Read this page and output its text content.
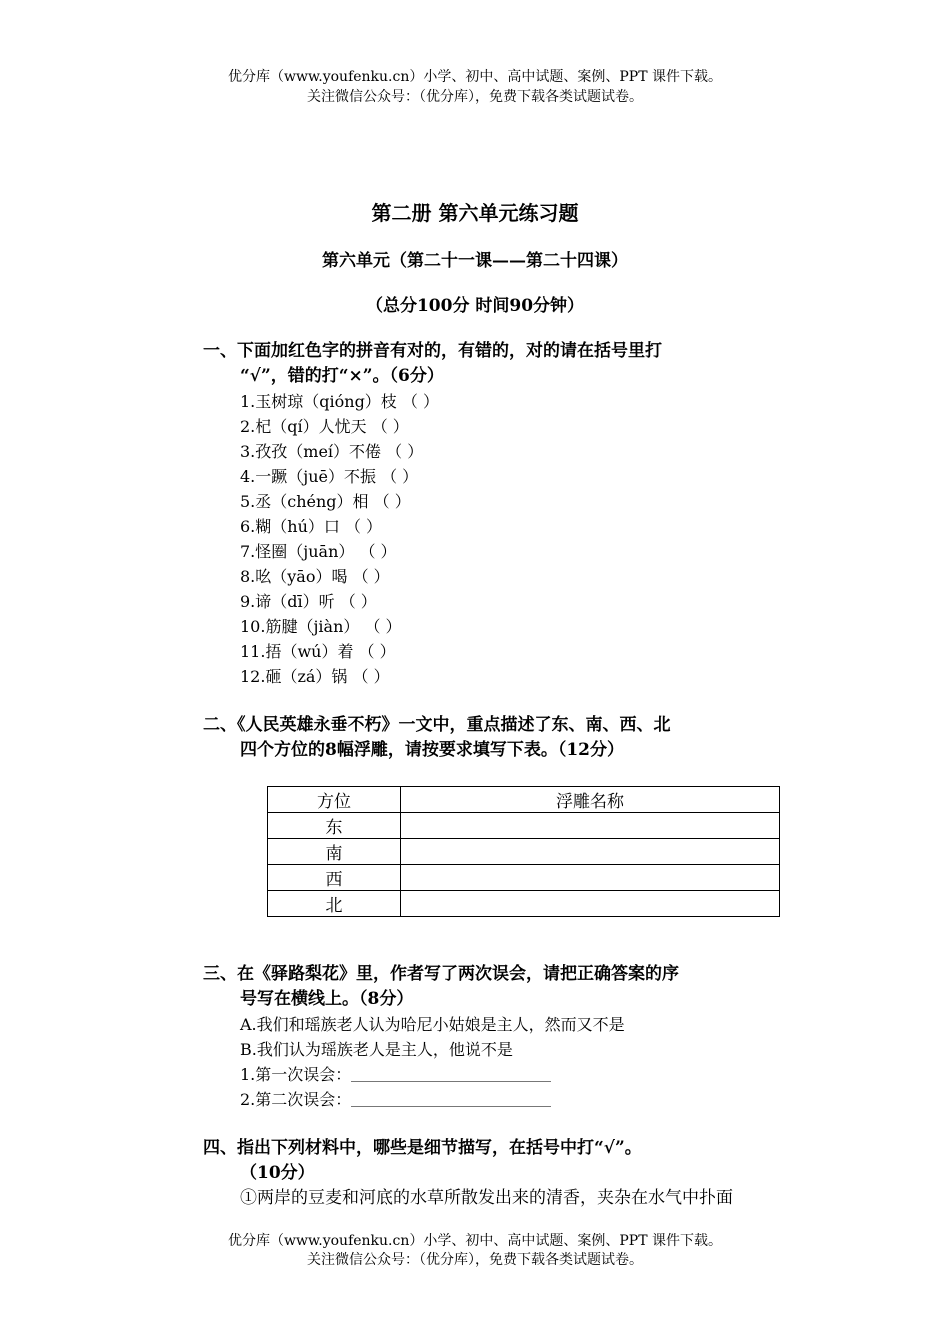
优分库（www.youfenku.cn）小学、初中、高中试题、案例、PPT 课件下载。
关注微信公众号：（优分库），免费下载各类试题试卷。
第二册 第六单元练习题
第六单元（第二十一课——第二十四课）
（总分100分 时间90分钟）
一、下面加红色字的拼音有对的，有错的，对的请在括号里打
“√”，错的打“×”。（6分）
1.玉树琼（qióng）枝 （ ）
2.杞（qí）人忧天 （ ）
3.孜孜（meí）不倦 （ ）
4.一蹶（juē）不振 （ ）
5.丞（chéng）相 （ ）
6.糊（hú）口 （ ）
7.怪圈（juān） （ ）
8.吆（yāo）喝 （ ）
9.谛（dī）听 （ ）
10.筋腱（jiàn） （ ）
11.捂（wú）着 （ ）
12.砸（zá）锅 （ ）
二、《人民英雄永垂不朽》一文中，重点描述了东、南、西、北
四个方位的8幅浮雕，请按要求填写下表。（12分）
方位	浮雕名称
东	
南	
西	
北	
三、在《驿路梨花》里，作者写了两次误会，请把正确答案的序
号写在横线上。（8分）
A.我们和瑶族老人认为哈尼小姑娘是主人，然而又不是
B.我们认为瑶族老人是主人，他说不是
1.第一次误会：
2.第二次误会：
四、指出下列材料中，哪些是细节描写，在括号中打“√”。
（10分）
①两岸的豆麦和河底的水草所散发出来的清香，夹杂在水气中扑面
优分库（www.youfenku.cn）小学、初中、高中试题、案例、PPT 课件下载。
关注微信公众号：（优分库），免费下载各类试题试卷。
